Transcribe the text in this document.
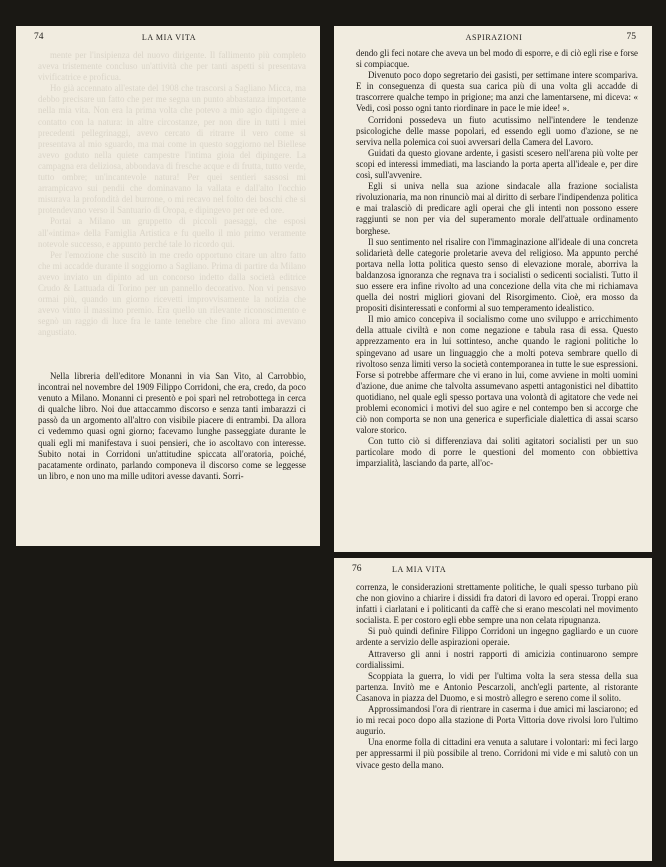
74	LA MIA VITA

mente per l'insipienza del nuovo dirigente. Il fallimento più completo aveva tristemente concluso un'attività che per tanti aspetti si presentava vivificatrice e proficua.

Ho già accennato all'estate del 1908 che trascorsi a Sagliano Micca, ma debbo precisare un fatto che per me segna un punto abbastanza importante nella mia vita. Non era la prima volta che potevo a mio agio dipingere a contatto con la natura: in altre circostanze, per non dire in tutti i miei precedenti pellegrinaggi, avevo cercato di ritrarre il vero come si presentava al mio sguardo, ma mai come in questo soggiorno nel Biellese avevo goduto nella quiete campestre l'intima gioia del dipingere. La campagna era deliziosa, abbondava di fresche acque e di frutta, tutto verde, tutto ombre; un'incantevole natura! Per quei sentieri sassosi mi arrampicavo sui pendii che dominavano la vallata e dall'alto l'occhio misurava la profondità del burrone, o mi recavo nel folto dei boschi che si protendevano verso il Santuario di Oropa, e dipingevo per ore ed ore.

Portai a Milano un gruppetto di piccoli paesaggi, che esposi all'«intima» della Famiglia Artistica e fu quello il mio primo veramente notevole successo, e appunto perché tale lo ricordo qui.

Per l'emozione che suscitò in me credo opportuno citare un altro fatto che mi accadde durante il soggiorno a Sagliano. Prima di partire da Milano avevo inviato un dipinto ad un concorso indetto dalla società editrice Crudo & Lattuada di Torino per un pannello decorativo. Non vi pensavo ormai più, quando un giorno ricevetti improvvisamente la notizia che avevo vinto il massimo premio. Era quello un rilevante riconoscimento e segnò un raggio di luce fra le tante tenebre che fino allora mi avevano angustiato.

Nella libreria dell'editore Monanni in via San Vito, al Carrobbio, incontrai nel novembre del 1909 Filippo Corridoni, che era, credo, da poco venuto a Milano. Monanni ci presentò e poi sparì nel retrobottega in cerca di qualche libro. Noi due attaccammo discorso e senza tanti imbarazzi ci passò da un argomento all'altro con visibile piacere di entrambi. Da allora ci vedemmo quasi ogni giorno; facevamo lunghe passeggiate durante le quali egli mi manifestava i suoi pensieri, che io ascoltavo con interesse. Subito notai in Corridoni un'attitudine spiccata all'oratoria, poiché, pacatamente ordinato, parlando componeva il discorso come se leggesse un libro, e non uno ma mille uditori avesse davanti. Sorri-

ASPIRAZIONI	75

dendo gli feci notare che aveva un bel modo di esporre, e di ciò egli rise e forse si compiacque.

Divenuto poco dopo segretario dei gasisti, per settimane intere scomparivа. E in conseguenza di questa sua carica più di una volta gli accadde di trascorrere qualche tempo in prigione; ma anzi che lamentarsene, mi diceva: « Vedi, così posso ogni tanto riordinare in pace le mie idee! ».

Corridoni possedeva un fiuto acutissimo nell'intendere le tendenze psicologiche delle masse popolari, ed essendo egli uomo d'azione, se ne serviva nella polemica coi suoi avversari della Camera del Lavoro.

Guidati da questo giovane ardente, i gasisti scesero nell'arena più volte per scopi ed interessi immediati, ma lasciando la porta aperta all'ideale e, per dire così, sull'avvenire.

Egli si univa nella sua azione sindacale alla frazione socialista rivoluzionaria, ma non rinunciò mai al diritto di serbare l'indipendenza politica e mai tralasciò di predicare agli operai che gli intenti non possono essere raggiunti se non per via del superamento morale dell'attuale ordinamento borghese.

Il suo sentimento nel risalire con l'immaginazione all'ideale di una concreta solidarietà delle categorie proletarie aveva del religioso. Ma appunto perché portava nella lotta politica questo senso di elevazione morale, aborriva la baldanzosa ignoranza che regnava tra i socialisti o sedicenti socialisti. Tutto il suo essere era infine rivolto ad una concezione della vita che mi richiamava quella dei nostri migliori giovani del Risorgimento. Cioè, era mosso da propositi disinteressati e conformi al suo temperamento idealistico.

Il mio amico concepiva il socialismo come uno sviluppo e arricchimento della attuale civiltà e non come negazione e tabula rasa di essa. Questo apprezzamento era in lui sottinteso, anche quando le ragioni politiche lo spingevano ad usare un linguaggio che a molti poteva sembrare quello di rivoltoso senza limiti verso la società contemporanea in tutte le sue espressioni. Forse si potrebbe affermare che vi erano in lui, come avviene in molti uomini d'azione, due anime che talvolta assumevano aspetti antagonistici nel dibattito quotidiano, nel quale egli spesso portava una volontà di agitatore che vede nei problemi economici i motivi del suo agire e nel contempo ben si accorge che ciò non comporta se non una generica e superficiale dialettica di assai scarso valore storico.

Con tutto ciò si differenziava dai soliti agitatori socialisti per un suo particolare modo di porre le questioni del momento con obbiettiva imparzialità, lasciando da parte, all'oc-

76	LA MIA VITA

correnza, le considerazioni strettamente politiche, le quali spesso turbano più che non giovino a chiarire i dissidi fra datori di lavoro ed operai. Troppi erano infatti i ciarlatani e i politicanti da caffè che si erano mescolati nel movimento socialista. E per costoro egli ebbe sempre una non celata ripugnanza.

Si può quindi definire Filippo Corridoni un ingegno gagliardo e un cuore ardente a servizio delle aspirazioni operaie.

Attraverso gli anni i nostri rapporti di amicizia continuarono sempre cordialissimi.

Scoppiata la guerra, lo vidi per l'ultima volta la sera stessa della sua partenza. Invitò me e Antonio Pescarzoli, anch'egli partente, al ristorante Casanova in piazza del Duomo, e si mostrò allegro e sereno come il solito.

Approssimandosi l'ora di rientrare in caserma i due amici mi lasciarono; ed io mi recai poco dopo alla stazione di Porta Vittoria dove rivolsi loro l'ultimo augurio.

Una enorme folla di cittadini era venuta a salutare i volontari: mi feci largo per appressarmi il più possibile al treno. Corridoni mi vide e mi salutò con un vivace gesto della mano.
